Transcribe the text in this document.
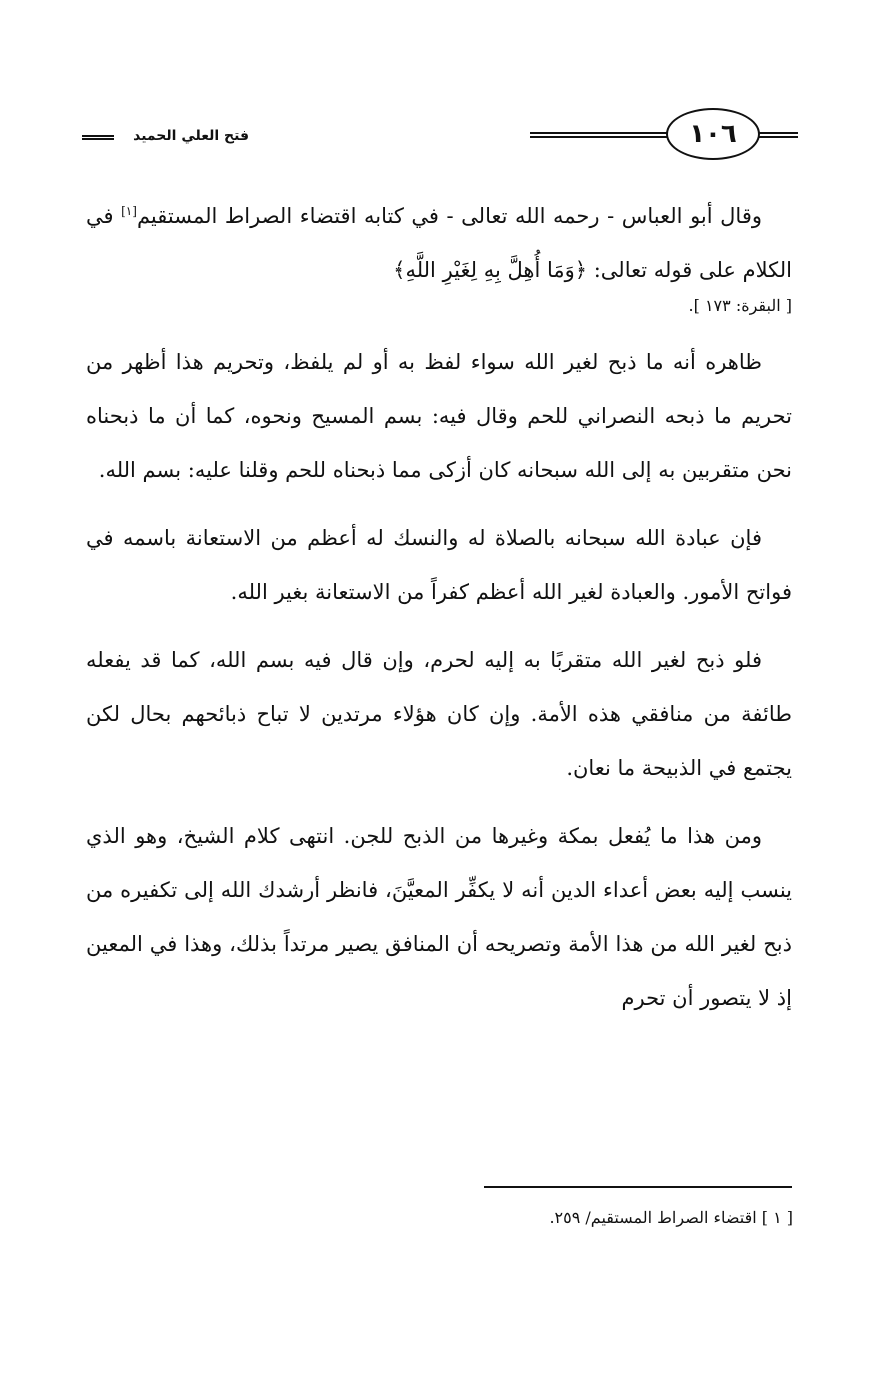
فتح العلي الحميد	١٠٦

وقال أبو العباس - رحمه الله تعالى - في كتابه اقتضاء الصراط المستقيم[١] في الكلام على قوله تعالى: ﴿وَمَا أُهِلَّ بِهِ لِغَيْرِ اللَّهِ﴾
[ البقرة: ١٧٣ ].

ظاهره أنه ما ذبح لغير الله سواء لفظ به أو لم يلفظ، وتحريم هذا أظهر من تحريم ما ذبحه النصراني للحم وقال فيه: بسم المسيح ونحوه، كما أن ما ذبحناه نحن متقربين به إلى الله سبحانه كان أزكى مما ذبحناه للحم وقلنا عليه: بسم الله.

فإن عبادة الله سبحانه بالصلاة له والنسك له أعظم من الاستعانة باسمه في فواتح الأمور. والعبادة لغير الله أعظم كفراً من الاستعانة بغير الله.

فلو ذبح لغير الله متقربًا به إليه لحرم، وإن قال فيه بسم الله، كما قد يفعله طائفة من منافقي هذه الأمة. وإن كان هؤلاء مرتدين لا تباح ذبائحهم بحال لكن يجتمع في الذبيحة ما نعان.

ومن هذا ما يُفعل بمكة وغيرها من الذبح للجن. انتهى كلام الشيخ، وهو الذي ينسب إليه بعض أعداء الدين أنه لا يكفِّر المعيَّنَ، فانظر أرشدك الله إلى تكفيره من ذبح لغير الله من هذا الأمة وتصريحه أن المنافق يصير مرتداً بذلك، وهذا في المعين إذ لا يتصور أن تحرم

[ ١ ] اقتضاء الصراط المستقيم/ ٢٥٩.
